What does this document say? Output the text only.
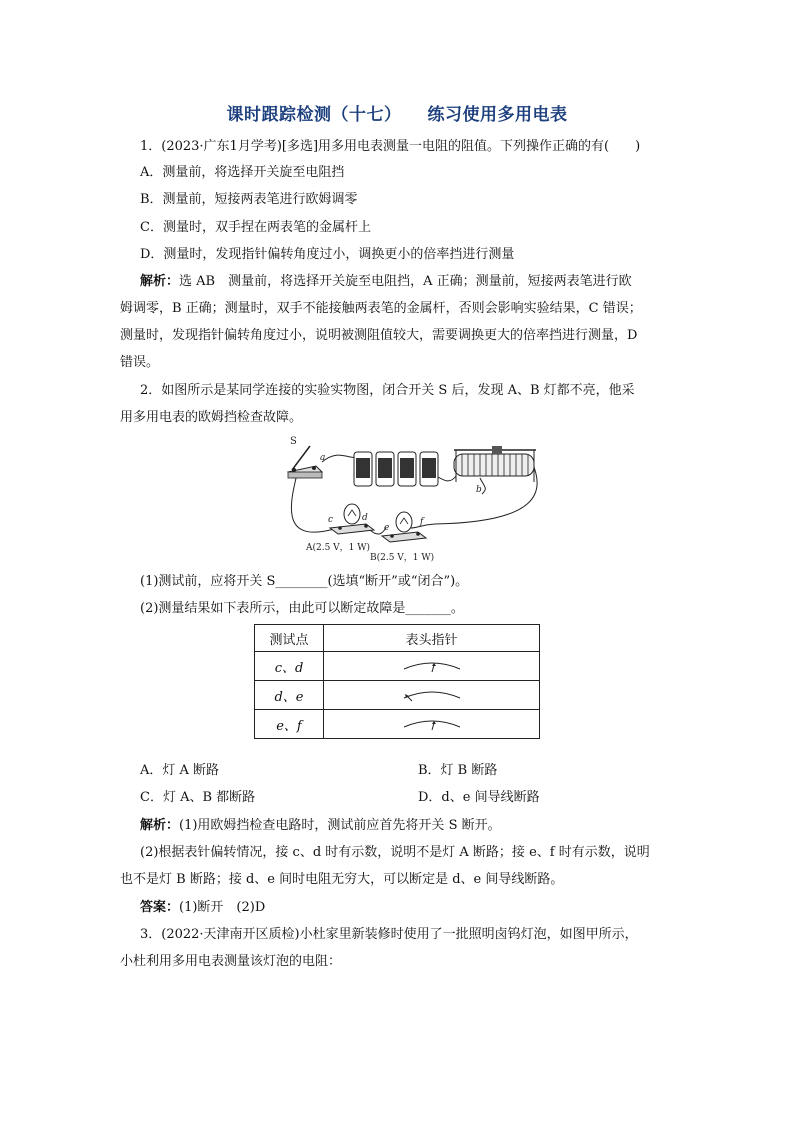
课时跟踪检测（十七） 练习使用多用电表
1．(2023·广东1月学考)[多选]用多用电表测量一电阻的阻值。下列操作正确的有(　　)
A．测量前，将选择开关旋至电阻挡
B．测量前，短接两表笔进行欧姆调零
C．测量时，双手捏在两表笔的金属杆上
D．测量时，发现指针偏转角度过小，调换更小的倍率挡进行测量
解析：选 AB　测量前，将选择开关旋至电阻挡，A 正确；测量前，短接两表笔进行欧
姆调零，B 正确；测量时，双手不能接触两表笔的金属杆，否则会影响实验结果，C 错误；
测量时，发现指针偏转角度过小，说明被测阻值较大，需要调换更大的倍率挡进行测量，D
错误。
2．如图所示是某同学连接的实验实物图，闭合开关 S 后，发现 A、B 灯都不亮，他采
用多用电表的欧姆挡检查故障。
S
a
b
c	d
A(2.5 V，1 W)
e
f
B(2.5 V，1 W)
(1)测试前，应将开关 S________(选填“断开”或“闭合”)。
(2)测量结果如下表所示，由此可以断定故障是_______。
测试点	表头指针
c、d	

d、e	

e、f	
A．灯 A 断路	B．灯 B 断路
C．灯 A、B 都断路	D．d、e 间导线断路
解析：(1)用欧姆挡检查电路时，测试前应首先将开关 S 断开。
(2)根据表针偏转情况，接 c、d 时有示数，说明不是灯 A 断路；接 e、f 时有示数，说明
也不是灯 B 断路；接 d、e 间时电阻无穷大，可以断定是 d、e 间导线断路。
答案：(1)断开　(2)D
3．(2022·天津南开区质检)小杜家里新装修时使用了一批照明卤钨灯泡，如图甲所示，
小杜利用多用电表测量该灯泡的电阻：
